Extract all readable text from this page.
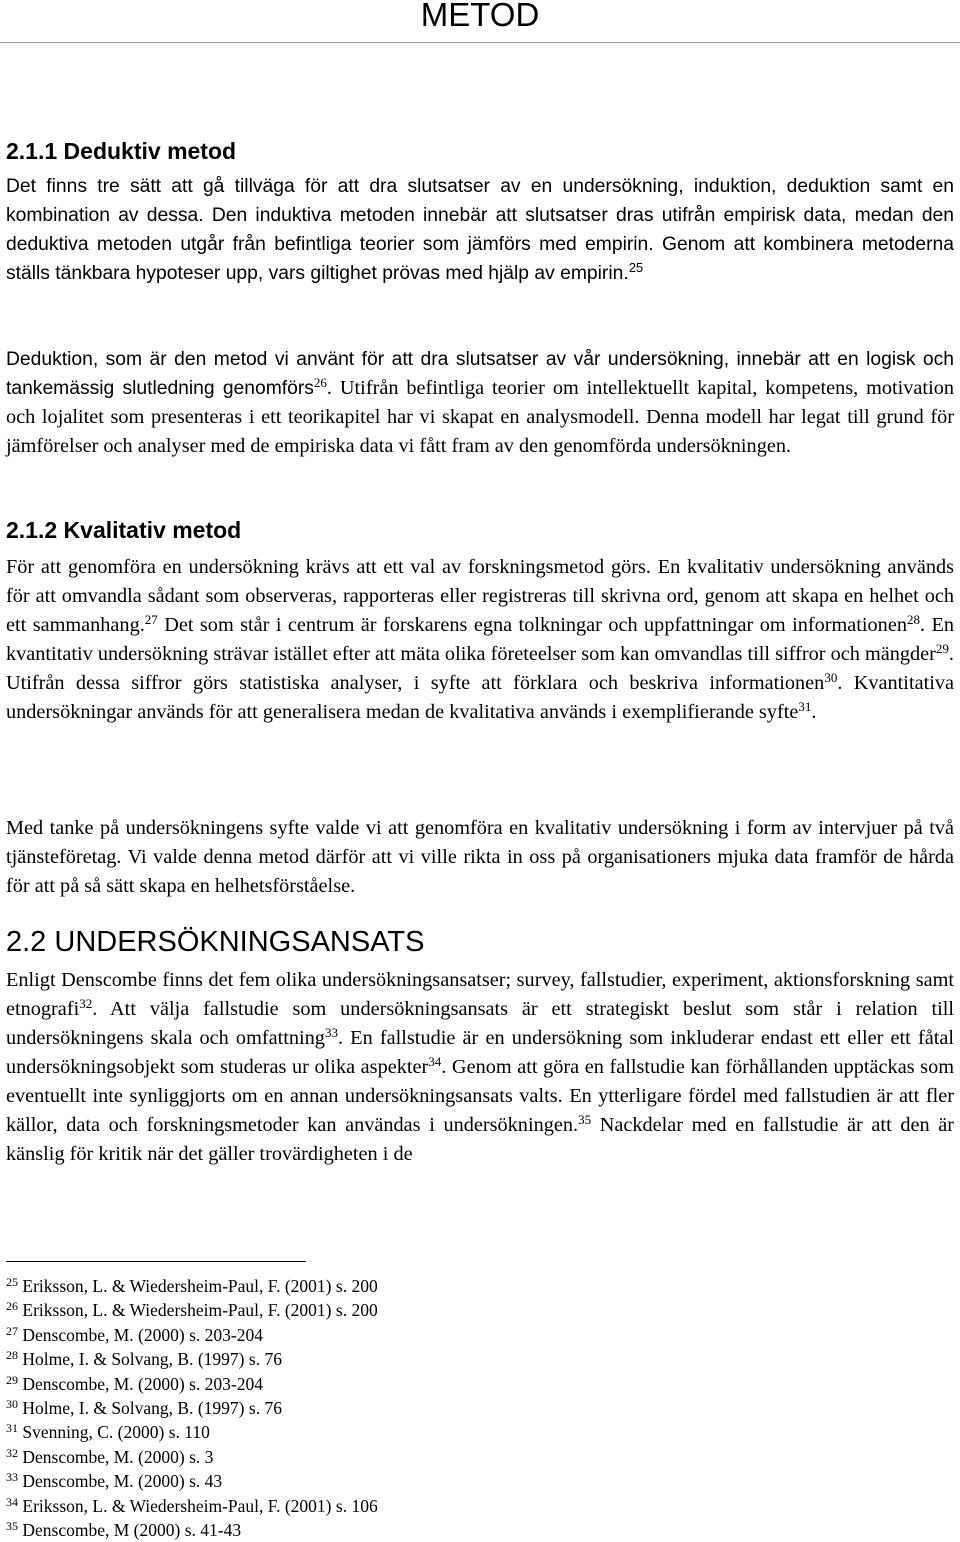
METOD
2.1.1 Deduktiv metod
Det finns tre sätt att gå tillväga för att dra slutsatser av en undersökning, induktion, deduktion samt en kombination av dessa. Den induktiva metoden innebär att slutsatser dras utifrån empirisk data, medan den deduktiva metoden utgår från befintliga teorier som jämförs med empirin. Genom att kombinera metoderna ställs tänkbara hypoteser upp, vars giltighet prövas med hjälp av empirin.$^{25}$
Deduktion, som är den metod vi använt för att dra slutsatser av vår undersökning, innebär att en logisk och tankemässig slutledning genomförs$^{26}$. Utifrån befintliga teorier om intellektuellt kapital, kompetens, motivation och lojalitet som presenteras i ett teorikapitel har vi skapat en analysmodell. Denna modell har legat till grund för jämförelser och analyser med de empiriska data vi fått fram av den genomförda undersökningen.
2.1.2 Kvalitativ metod
För att genomföra en undersökning krävs att ett val av forskningsmetod görs. En kvalitativ undersökning används för att omvandla sådant som observeras, rapporteras eller registreras till skrivna ord, genom att skapa en helhet och ett sammanhang.$^{27}$ Det som står i centrum är forskarens egna tolkningar och uppfattningar om informationen$^{28}$. En kvantitativ undersökning strävar istället efter att mäta olika företeelser som kan omvandlas till siffror och mängder$^{29}$. Utifrån dessa siffror görs statistiska analyser, i syfte att förklara och beskriva informationen$^{30}$. Kvantitativa undersökningar används för att generalisera medan de kvalitativa används i exemplifierande syfte$^{31}$.
Med tanke på undersökningens syfte valde vi att genomföra en kvalitativ undersökning i form av intervjuer på två tjänsteföretag. Vi valde denna metod därför att vi ville rikta in oss på organisationers mjuka data framför de hårda för att på så sätt skapa en helhetsförståelse.
2.2 UNDERSÖKNINGSANSATS
Enligt Denscombe finns det fem olika undersökningsansatser; survey, fallstudier, experiment, aktionsforskning samt etnografi$^{32}$. Att välja fallstudie som undersökningsansats är ett strategiskt beslut som står i relation till undersökningens skala och omfattning$^{33}$. En fallstudie är en undersökning som inkluderar endast ett eller ett fåtal undersökningsobjekt som studeras ur olika aspekter$^{34}$. Genom att göra en fallstudie kan förhållanden upptäckas som eventuellt inte synliggjorts om en annan undersökningsansats valts. En ytterligare fördel med fallstudien är att fler källor, data och forskningsmetoder kan användas i undersökningen.$^{35}$ Nackdelar med en fallstudie är att den är känslig för kritik när det gäller trovärdigheten i de
$^{25}$ Eriksson, L. & Wiedersheim-Paul, F. (2001) s. 200
$^{26}$ Eriksson, L. & Wiedersheim-Paul, F. (2001) s. 200
$^{27}$ Denscombe, M. (2000) s. 203-204
$^{28}$ Holme, I. & Solvang, B. (1997) s. 76
$^{29}$ Denscombe, M. (2000) s. 203-204
$^{30}$ Holme, I. & Solvang, B. (1997) s. 76
$^{31}$ Svenning, C. (2000) s. 110
$^{32}$ Denscombe, M. (2000) s. 3
$^{33}$ Denscombe, M. (2000) s. 43
$^{34}$ Eriksson, L. & Wiedersheim-Paul, F. (2001) s. 106
$^{35}$ Denscombe, M (2000) s. 41-43
